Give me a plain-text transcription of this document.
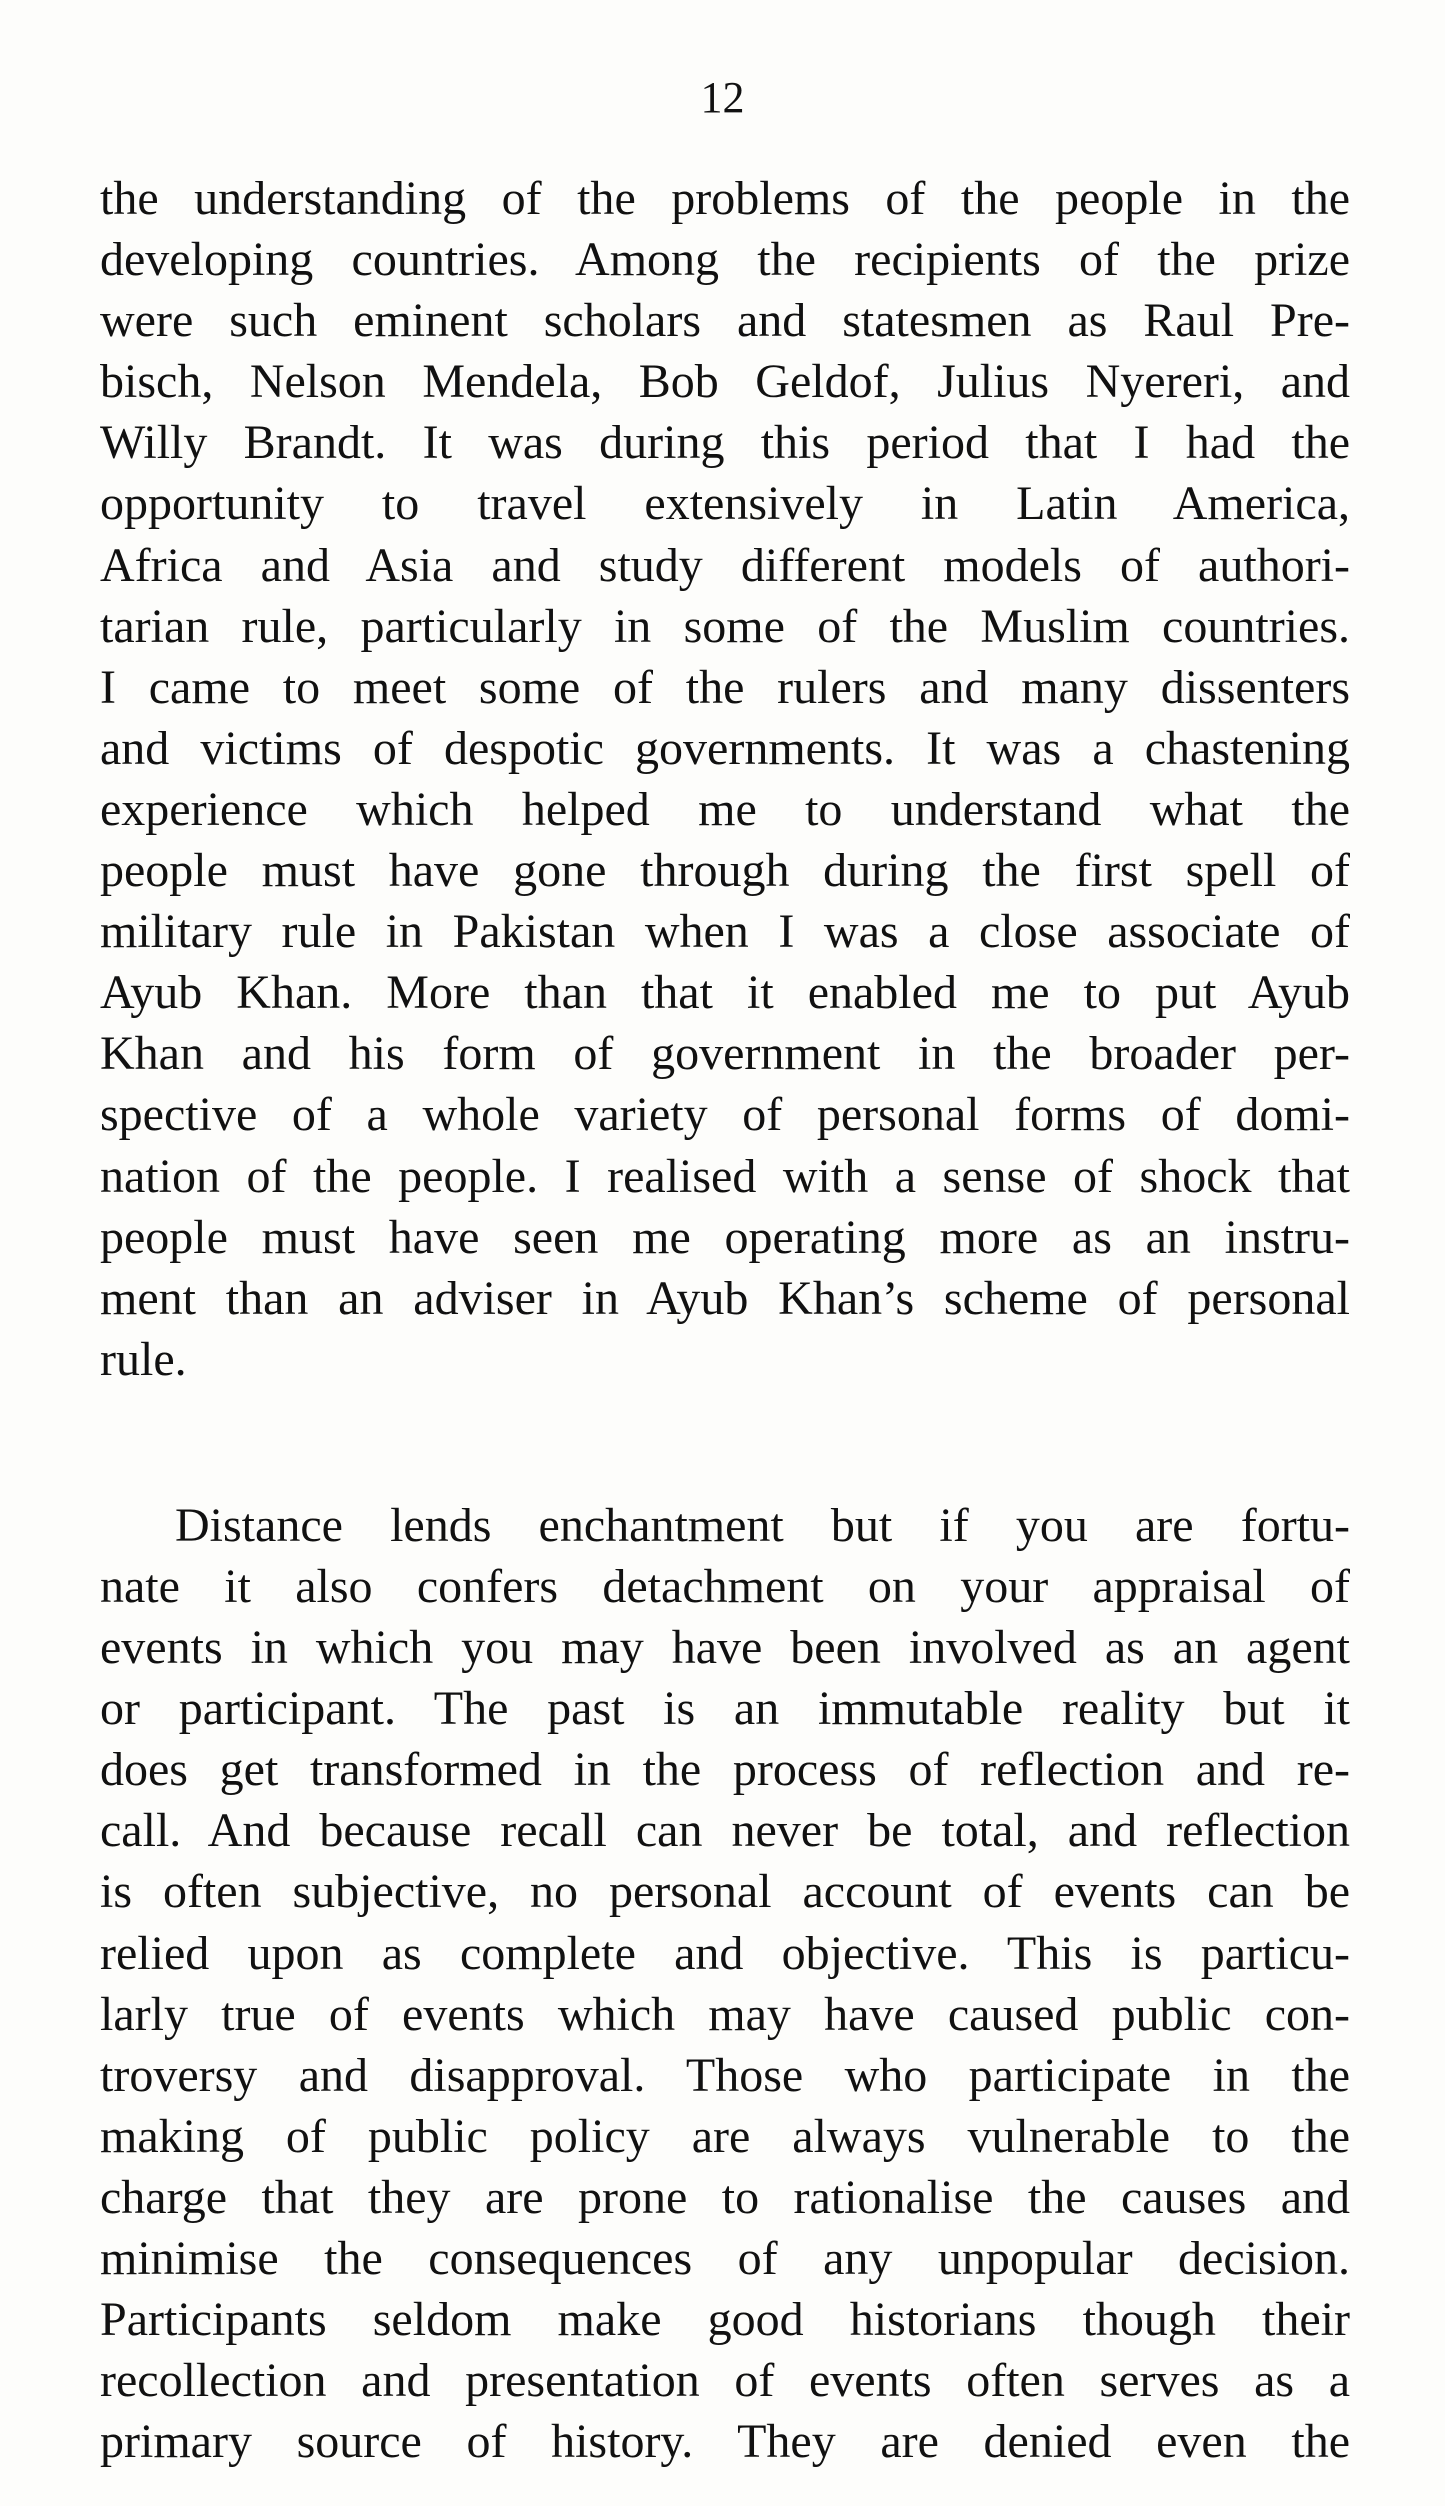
12
the understanding of the problems of the people in the
developing countries. Among the recipients of the prize
were such eminent scholars and statesmen as Raul Pre-
bisch, Nelson Mendela, Bob Geldof, Julius Nyereri, and
Willy Brandt. It was during this period that I had the
opportunity to travel extensively in Latin America,
Africa and Asia and study different models of authori-
tarian rule, particularly in some of the Muslim countries.
I came to meet some of the rulers and many dissenters
and victims of despotic governments. It was a chastening
experience which helped me to understand what the
people must have gone through during the first spell of
military rule in Pakistan when I was a close associate of
Ayub Khan. More than that it enabled me to put Ayub
Khan and his form of government in the broader per-
spective of a whole variety of personal forms of domi-
nation of the people. I realised with a sense of shock that
people must have seen me operating more as an instru-
ment than an adviser in Ayub Khan’s scheme of personal
rule.
Distance lends enchantment but if you are fortu-
nate it also confers detachment on your appraisal of
events in which you may have been involved as an agent
or participant. The past is an immutable reality but it
does get transformed in the process of reflection and re-
call. And because recall can never be total, and reflection
is often subjective, no personal account of events can be
relied upon as complete and objective. This is particu-
larly true of events which may have caused public con-
troversy and disapproval. Those who participate in the
making of public policy are always vulnerable to the
charge that they are prone to rationalise the causes and
minimise the consequences of any unpopular decision.
Participants seldom make good historians though their
recollection and presentation of events often serves as a
primary source of history. They are denied even the
